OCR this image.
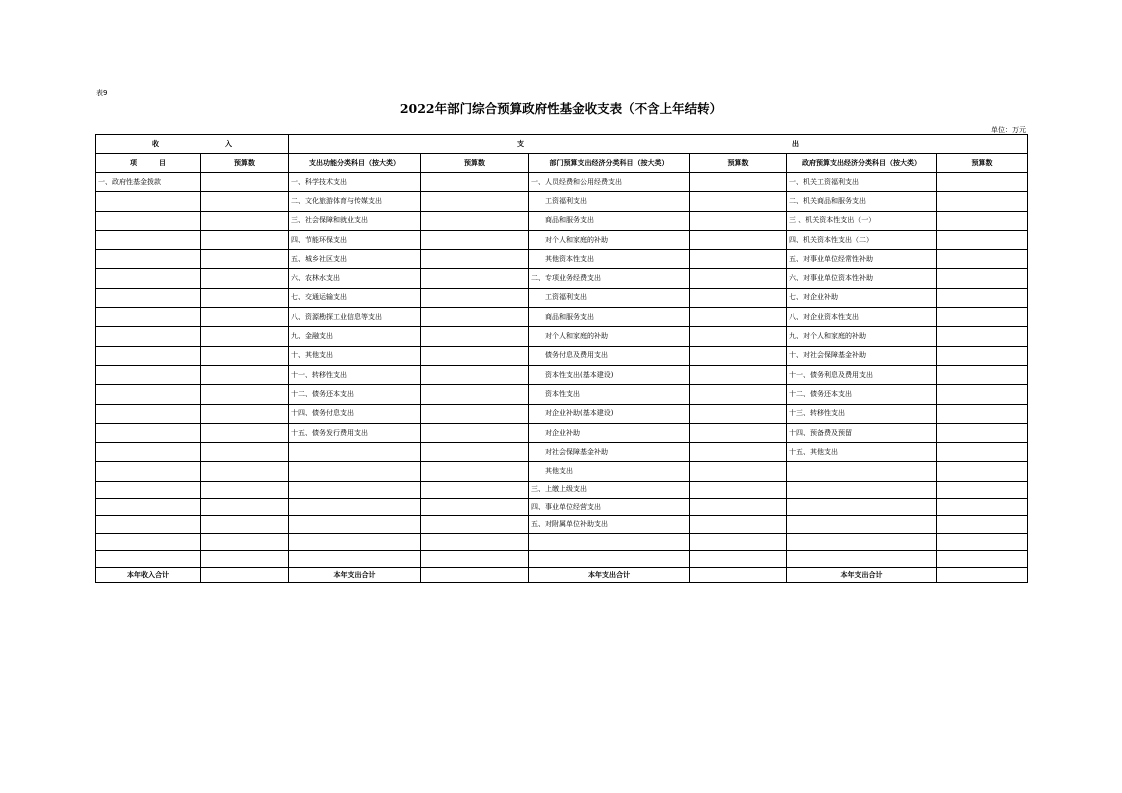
表9
2022年部门综合预算政府性基金收支表（不含上年结转）
单位：万元
收 入		支 出					

项 目	预算数	支出功能分类科目（按大类）	预算数	部门预算支出经济分类科目（按大类）	预算数	政府预算支出经济分类科目（按大类）	预算数
一、政府性基金拨款		一、科学技术支出		一、人员经费和公用经费支出		一、机关工资福利支出	
		二、文化旅游体育与传媒支出		工资福利支出		二、机关商品和服务支出	
		三、社会保障和就业支出		商品和服务支出		三 、机关资本性支出（一）	
		四、节能环保支出		对个人和家庭的补助		四、机关资本性支出（二）	
		五、城乡社区支出		其他资本性支出		五、对事业单位经常性补助	
		六、农林水支出		二、专项业务经费支出		六、对事业单位资本性补助	
		七、交通运输支出		工资福利支出		七、对企业补助	
		八、资源勘探工业信息等支出		商品和服务支出		八、对企业资本性支出	
		九、金融支出		对个人和家庭的补助		九、对个人和家庭的补助	
		十、其他支出		债务付息及费用支出		十、对社会保障基金补助	
		十一、转移性支出		资本性支出(基本建设)		十一、债务利息及费用支出	
		十二、债务还本支出		资本性支出		十二、债务还本支出	
		十四、债务付息支出		对企业补助(基本建设)		十三、转移性支出	
		十五、债务发行费用支出		对企业补助		十四、预备费及预留	
				对社会保障基金补助		十五、其他支出	
				其他支出			
				三、上缴上级支出			
				四、事业单位经营支出			
				五、对附属单位补助支出			

本年收入合计		本年支出合计		本年支出合计		本年支出合计	
